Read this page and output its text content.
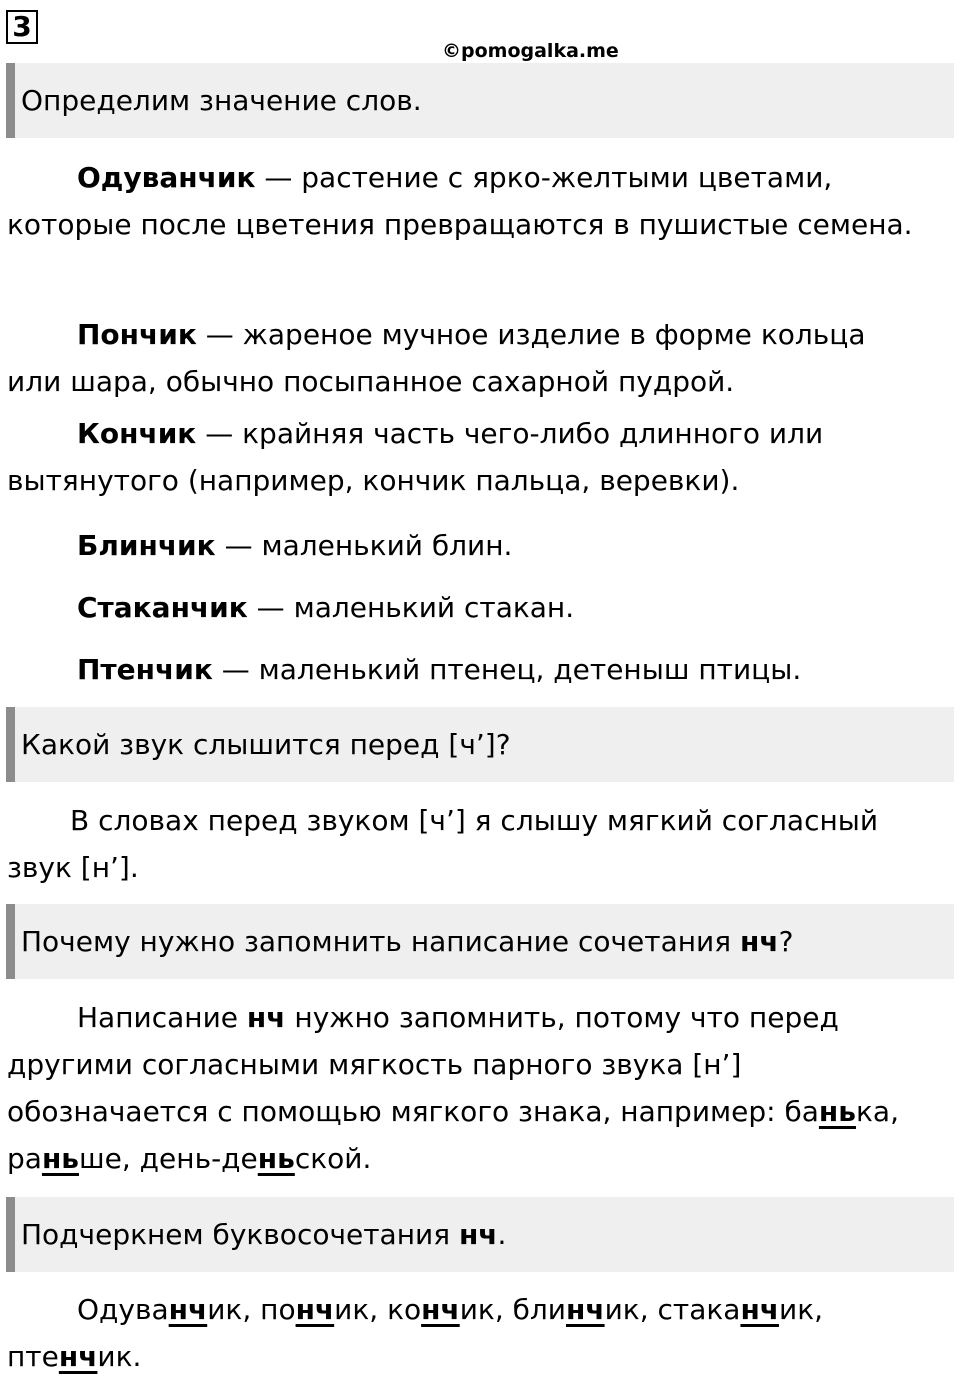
3
©pomogalka.me
Определим значение слов.

Одуванчик — растение с ярко-желтыми цветами, которые после цветения превращаются в пушистые семена.

Пончик — жареное мучное изделие в форме кольца или шара, обычно посыпанное сахарной пудрой.

Кончик — крайняя часть чего-либо длинного или вытянутого (например, кончик пальца, веревки).

Блинчик — маленький блин.

Стаканчик — маленький стакан.

Птенчик — маленький птенец, детеныш птицы.

Какой звук слышится перед [ч’]?

В словах перед звуком [ч’] я слышу мягкий согласный звук [н’].

Почему нужно запомнить написание сочетания нч?

Написание нч нужно запомнить, потому что перед другими согласными мягкость парного звука [н’] обозначается с помощью мягкого знака, например: банька, раньше, день-деньской.

Подчеркнем буквосочетания нч.

Одуванчик, пончик, кончик, блинчик, стаканчик, птенчик.
